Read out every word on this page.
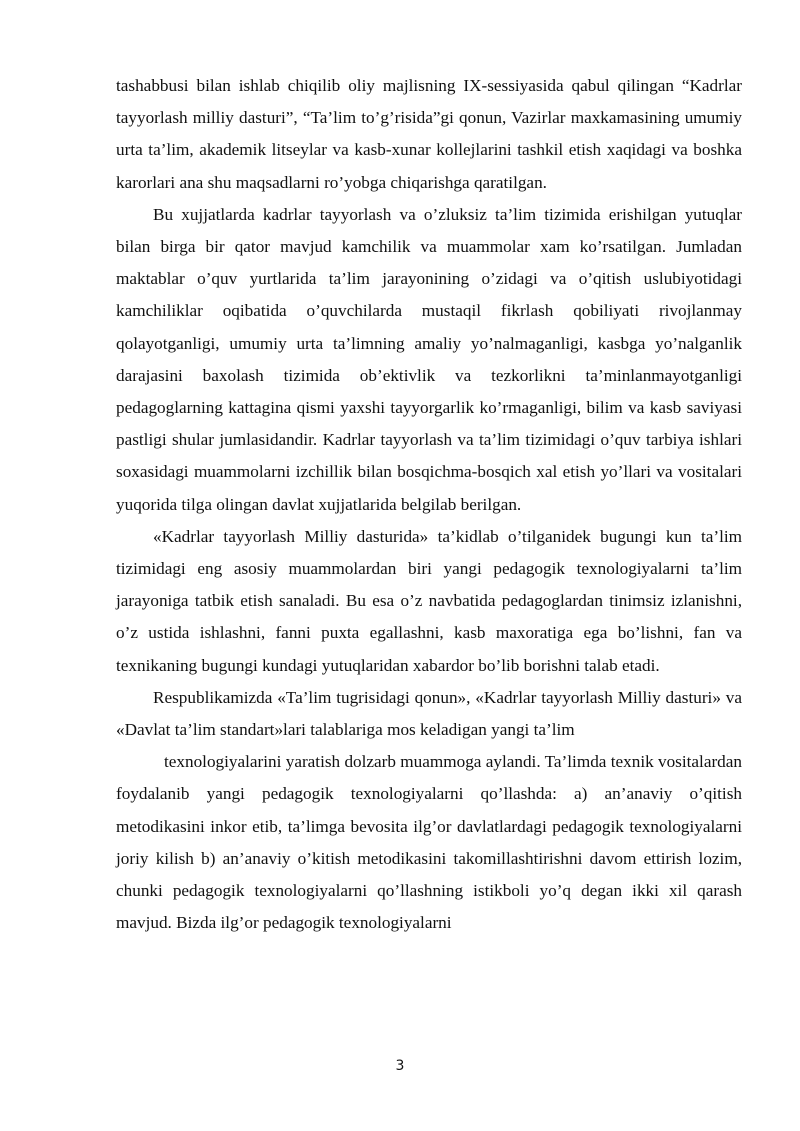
tashabbusi bilan ishlab chiqilib oliy majlisning IX-sessiyasida qabul qilingan “Kadrlar tayyorlash milliy dasturi”, “Ta’lim to’g’risida”gi qonun, Vazirlar maxkamasining umumiy urta ta’lim, akademik litseylar va kasb-xunar kollejlarini tashkil etish xaqidagi va boshka karorlari ana shu maqsadlarni ro’yobga chiqarishga qaratilgan.

Bu xujjatlarda kadrlar tayyorlash va o’zluksiz ta’lim tizimida erishilgan yutuqlar bilan birga bir qator mavjud kamchilik va muammolar xam ko’rsatilgan. Jumladan maktablar o’quv yurtlarida ta’lim jarayonining o’zidagi va o’qitish uslubiyotidagi kamchiliklar oqibatida o’quvchilarda mustaqil fikrlash qobiliyati rivojlanmay qolayotganligi, umumiy urta ta’limning amaliy yo’nalmaganligi, kasbga yo’nalganlik darajasini baxolash tizimida ob’ektivlik va tezkorlikni ta’minlanmayotganligi pedagoglarning kattagina qismi yaxshi tayyorgarlik ko’rmaganligi, bilim va kasb saviyasi pastligi shular jumlasidandir. Kadrlar tayyorlash va ta’lim tizimidagi o’quv tarbiya ishlari soxasidagi muammolarni izchillik bilan bosqichma-bosqich xal etish yo’llari va vositalari yuqorida tilga olingan davlat xujjatlarida belgilab berilgan.

«Kadrlar tayyorlash Milliy dasturida» ta’kidlab o’tilganidek bugungi kun ta’lim tizimidagi eng asosiy muammolardan biri yangi pedagogik texnologiyalarni ta’lim jarayoniga tatbik etish sanaladi. Bu esa o’z navbatida pedagoglardan tinimsiz izlanishni, o’z ustida ishlashni, fanni puxta egallashni, kasb maxoratiga ega bo’lishni, fan va texnikaning bugungi kundagi yutuqlaridan xabardor bo’lib borishni talab etadi.

Respublikamizda «Ta’lim tugrisidagi qonun», «Kadrlar tayyorlash Milliy dasturi» va «Davlat ta’lim standart»lari talablariga mos keladigan yangi ta’lim

texnologiyalarini yaratish dolzarb muammoga aylandi. Ta’limda texnik vositalardan foydalanib yangi pedagogik texnologiyalarni qo’llashda: a) an’anaviy o’qitish metodikasini inkor etib, ta’limga bevosita ilg’or davlatlardagi pedagogik texnologiyalarni joriy kilish b) an’anaviy o’kitish metodikasini takomillashtirishni davom ettirish lozim, chunki pedagogik texnologiyalarni qo’llashning istikboli yo’q degan ikki xil qarash mavjud. Bizda ilg’or pedagogik texnologiyalarni

3
